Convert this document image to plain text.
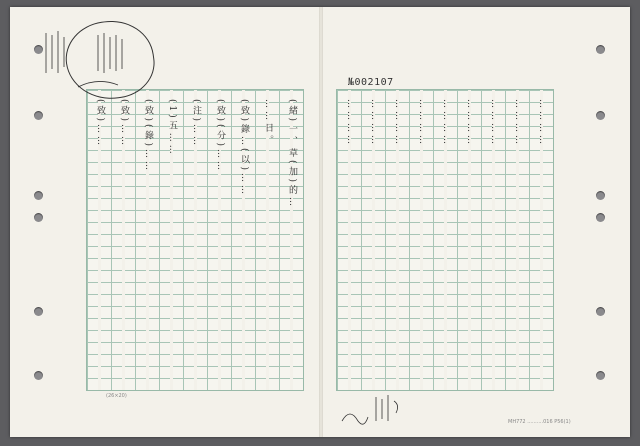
(緒)一、草(加)的…
……日。
(致)錄…(以)……
(致)(分)……
(注)……
(1)五……
(致)(錄)……
(致)……
(致)……	…………
…………
…………
…………
…………
…………
…………
…………
…………
№002107
(26×20)
MH772 ..........016 P56(1)
